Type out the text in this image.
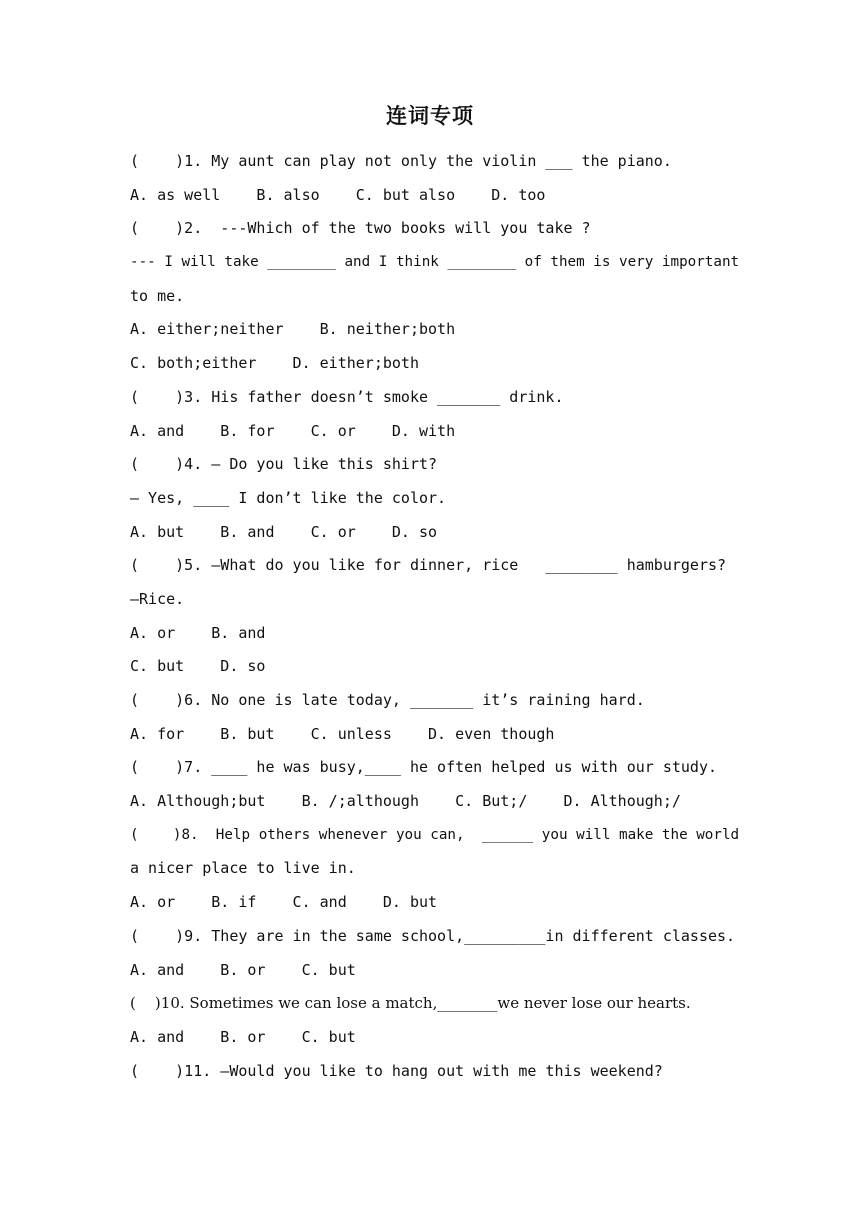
连词专项
(    )1. My aunt can play not only the violin ___ the piano.
A. as well    B. also    C. but also    D. too
(    )2.  ---Which of the two books will you take ?
--- I will take ________ and I think ________ of them is very important
to me.
A. either;neither    B. neither;both
C. both;either    D. either;both
(    )3. His father doesn’t smoke _______ drink.
A. and    B. for    C. or    D. with
(    )4. — Do you like this shirt?
— Yes, ____ I don’t like the color.
A. but    B. and    C. or    D. so
(    )5. —What do you like for dinner, rice   ________ hamburgers?
—Rice.
A. or    B. and
C. but    D. so
(    )6. No one is late today, _______ it’s raining hard.
A. for    B. but    C. unless    D. even though
(    )7. ____ he was busy,____ he often helped us with our study.
A. Although;but    B. /;although    C. But;/    D. Although;/
(    )8.  Help others whenever you can,  ______ you will make the world
a nicer place to live in.
A. or    B. if    C. and    D. but
(    )9. They are in the same school,_________in different classes.
A. and    B. or    C. but
(    )10. Sometimes we can lose a match,________we never lose our hearts.
A. and    B. or    C. but
(    )11. —Would you like to hang out with me this weekend?
